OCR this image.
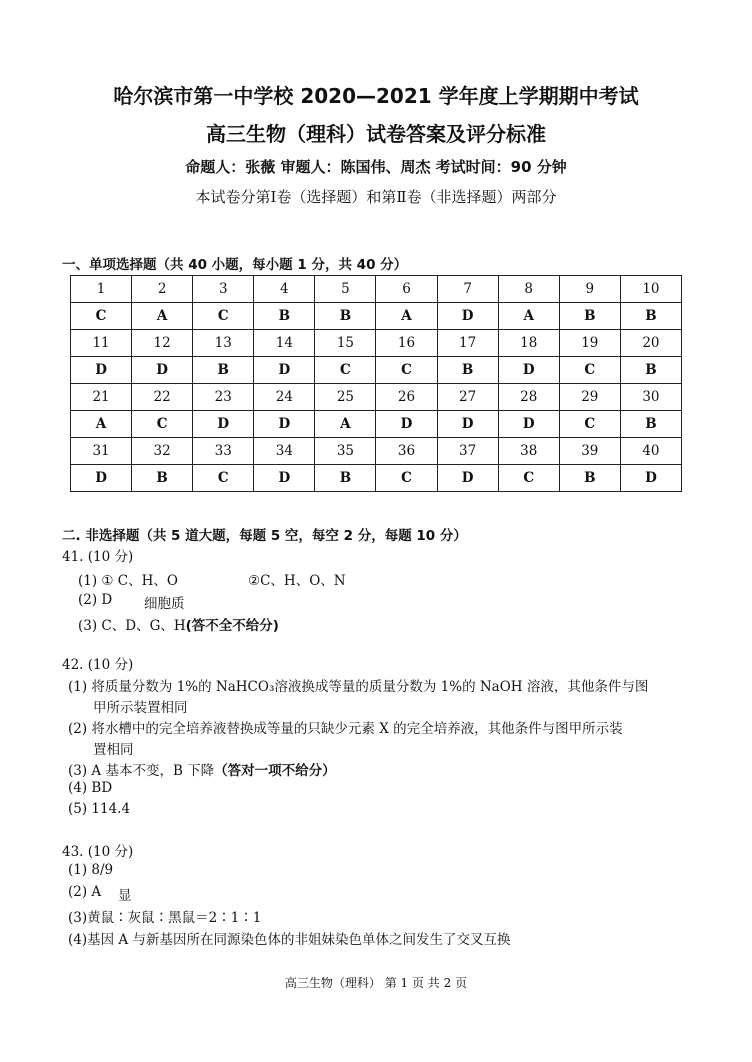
哈尔滨市第一中学校 2020—2021 学年度上学期期中考试
高三生物（理科）试卷答案及评分标准
命题人：张薇 审题人：陈国伟、周杰 考试时间：90 分钟
本试卷分第Ⅰ卷（选择题）和第Ⅱ卷（非选择题）两部分
一、单项选择题（共 40 小题，每小题 1 分，共 40 分）
1	2	3	4	5	6	7	8	9	10
C	A	C	B	B	A	D	A	B	B
11	12	13	14	15	16	17	18	19	20
D	D	B	D	C	C	B	D	C	B
21	22	23	24	25	26	27	28	29	30
A	C	D	D	A	D	D	D	C	B
31	32	33	34	35	36	37	38	39	40
D	B	C	D	B	C	D	C	B	D
二. 非选择题（共 5 道大题，每题 5 空，每空 2 分，每题 10 分）
41. (10 分)
(1) ① C、H、O	②C、H、O、N
(2) D 细胞质
(3) C、D、G、H(答不全不给分)
42. (10 分)
(1) 将质量分数为 1%的 NaHCO₃溶液换成等量的质量分数为 1%的 NaOH 溶液，其他条件与图
甲所示装置相同
(2) 将水槽中的完全培养液替换成等量的只缺少元素 X 的完全培养液，其他条件与图甲所示装
置相同
(3) A 基本不变，B 下降（答对一项不给分）
(4) BD
(5) 114.4
43. (10 分)
(1) 8/9
(2) A 显
(3)黄鼠∶灰鼠∶黑鼠＝2∶1∶1
(4)基因 A 与新基因所在同源染色体的非姐妹染色单体之间发生了交叉互换
高三生物（理科） 第 1 页 共 2 页
